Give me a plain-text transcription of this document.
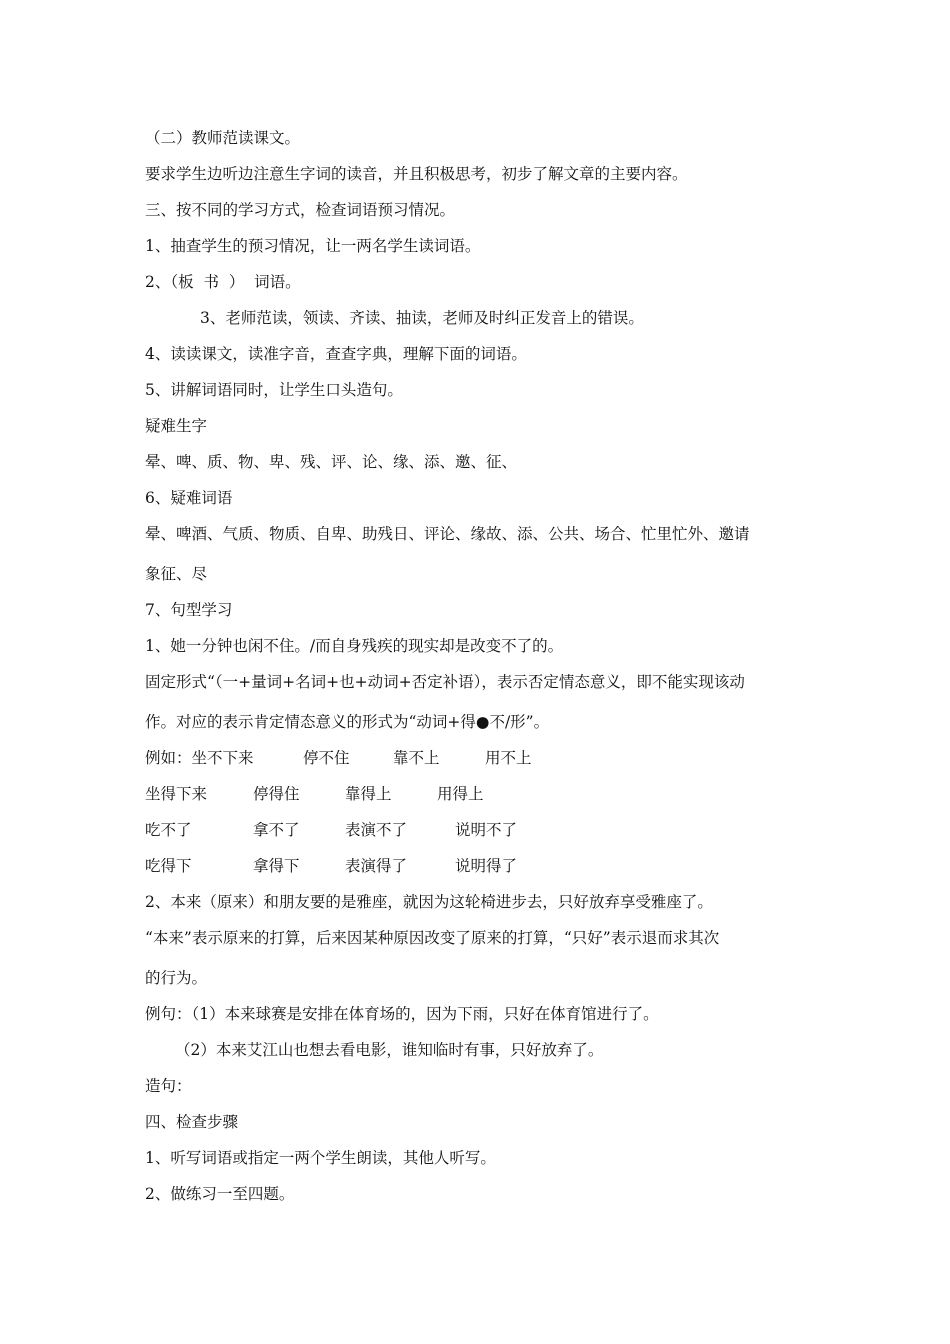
（二）教师范读课文。
要求学生边听边注意生字词的读音，并且积极思考，初步了解文章的主要内容。
三、按不同的学习方式，检查词语预习情况。
1、抽查学生的预习情况，让一两名学生读词语。
2、（板  书  ）  词语。
3、老师范读，领读、齐读、抽读，老师及时纠正发音上的错误。
4、读读课文，读准字音，查查字典，理解下面的词语。
5、讲解词语同时，让学生口头造句。
疑难生字
晕、啤、质、物、卑、残、评、论、缘、添、邀、征、
6、疑难词语
晕、啤酒、气质、物质、自卑、助残日、评论、缘故、添、公共、场合、忙里忙外、邀请
象征、尽
7、句型学习
1、她一分钟也闲不住。/而自身残疾的现实却是改变不了的。
固定形式“（一+量词+名词+也+动词+否定补语），表示否定情态意义，即不能实现该动
作。对应的表示肯定情态意义的形式为“动词+得●不/形”。
例如：坐不下来	停不住	靠不上	用不上
坐得下来	停得住	靠得上	用得上
吃不了	拿不了	表演不了	说明不了
吃得下	拿得下	表演得了	说明得了
2、本来（原来）和朋友要的是雅座，就因为这轮椅进步去，只好放弃享受雅座了。
“本来”表示原来的打算，后来因某种原因改变了原来的打算，“只好”表示退而求其次
的行为。
例句：（1）本来球赛是安排在体育场的，因为下雨，只好在体育馆进行了。
（2）本来艾江山也想去看电影，谁知临时有事，只好放弃了。
造句：
四、检查步骤
1、听写词语或指定一两个学生朗读，其他人听写。
2、做练习一至四题。
